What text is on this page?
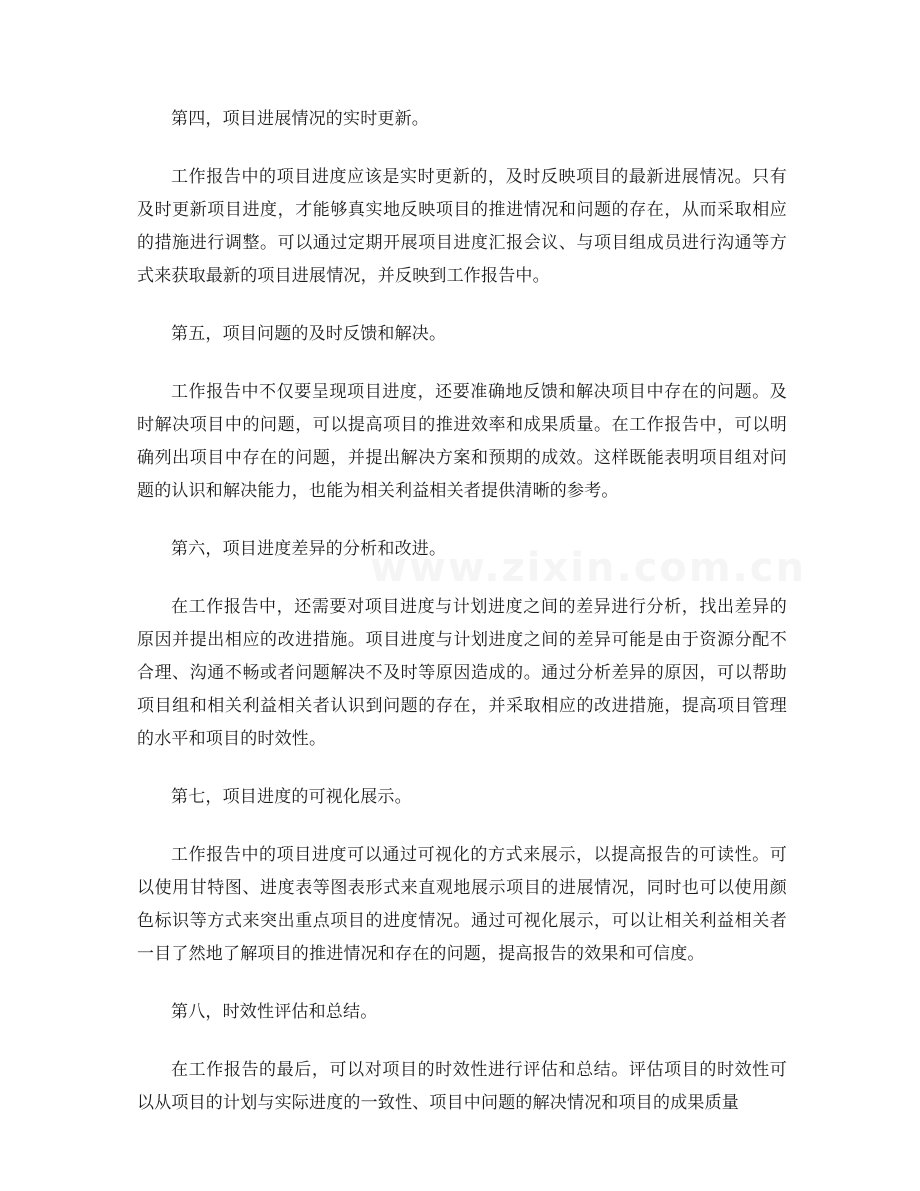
www.zixin.com.cn

第四，项目进展情况的实时更新。

工作报告中的项目进度应该是实时更新的，及时反映项目的最新进展情况。只有及时更新项目进度，才能够真实地反映项目的推进情况和问题的存在，从而采取相应的措施进行调整。可以通过定期开展项目进度汇报会议、与项目组成员进行沟通等方式来获取最新的项目进展情况，并反映到工作报告中。

第五，项目问题的及时反馈和解决。

工作报告中不仅要呈现项目进度，还要准确地反馈和解决项目中存在的问题。及时解决项目中的问题，可以提高项目的推进效率和成果质量。在工作报告中，可以明确列出项目中存在的问题，并提出解决方案和预期的成效。这样既能表明项目组对问题的认识和解决能力，也能为相关利益相关者提供清晰的参考。

第六，项目进度差异的分析和改进。

在工作报告中，还需要对项目进度与计划进度之间的差异进行分析，找出差异的原因并提出相应的改进措施。项目进度与计划进度之间的差异可能是由于资源分配不合理、沟通不畅或者问题解决不及时等原因造成的。通过分析差异的原因，可以帮助项目组和相关利益相关者认识到问题的存在，并采取相应的改进措施，提高项目管理的水平和项目的时效性。

第七，项目进度的可视化展示。

工作报告中的项目进度可以通过可视化的方式来展示，以提高报告的可读性。可以使用甘特图、进度表等图表形式来直观地展示项目的进展情况，同时也可以使用颜色标识等方式来突出重点项目的进度情况。通过可视化展示，可以让相关利益相关者一目了然地了解项目的推进情况和存在的问题，提高报告的效果和可信度。

第八，时效性评估和总结。

在工作报告的最后，可以对项目的时效性进行评估和总结。评估项目的时效性可以从项目的计划与实际进度的一致性、项目中问题的解决情况和项目的成果质量
